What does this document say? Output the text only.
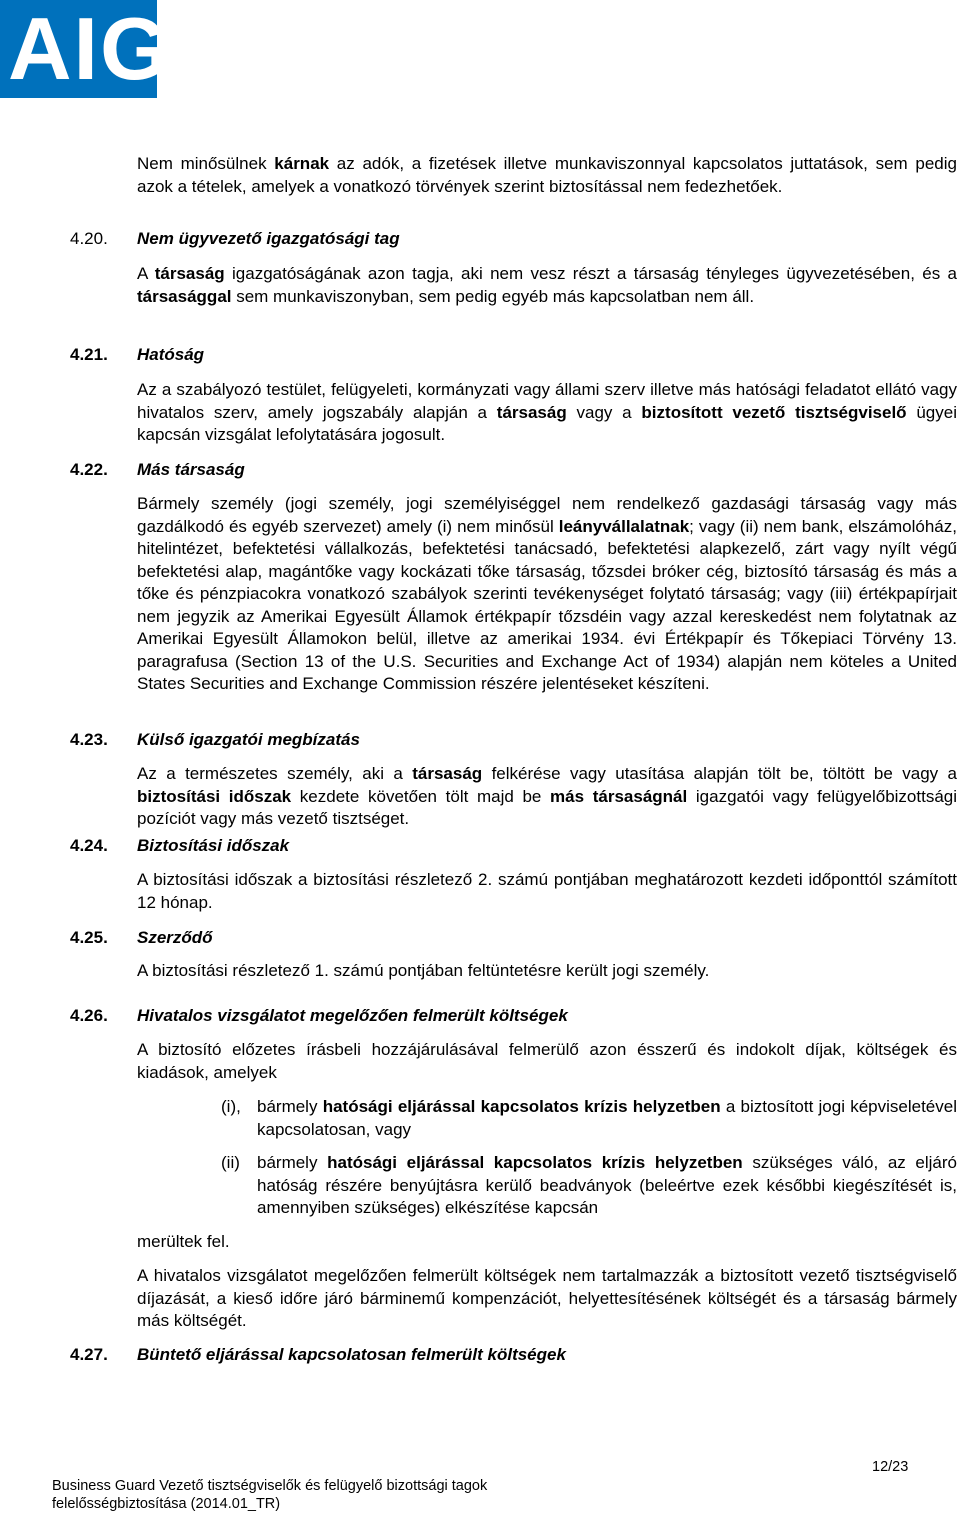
AIG
Nem minősülnek kárnak az adók, a fizetések illetve munkaviszonnyal kapcsolatos juttatások, sem pedig azok a tételek, amelyek a vonatkozó törvények szerint biztosítással nem fedezhetőek.
4.20. Nem ügyvezető igazgatósági tag
A társaság igazgatóságának azon tagja, aki nem vesz részt a társaság tényleges ügyvezetésében, és a társasággal sem munkaviszonyban, sem pedig egyéb más kapcsolatban nem áll.
4.21. Hatóság
Az a szabályozó testület, felügyeleti, kormányzati vagy állami szerv illetve más hatósági feladatot ellátó vagy hivatalos szerv, amely jogszabály alapján a társaság vagy a biztosított vezető tisztségviselő ügyei kapcsán vizsgálat lefolytatására jogosult.
4.22. Más társaság
Bármely személy (jogi személy, jogi személyiséggel nem rendelkező gazdasági társaság vagy más gazdálkodó és egyéb szervezet) amely (i) nem minősül leányvállalatnak; vagy (ii) nem bank, elszámolóház, hitelintézet, befektetési vállalkozás, befektetési tanácsadó, befektetési alapkezelő, zárt vagy nyílt végű befektetési alap, magántőke vagy kockázati tőke társaság, tőzsdei bróker cég, biztosító társaság és más a tőke és pénzpiacokra vonatkozó szabályok szerinti tevékenységet folytató társaság; vagy (iii) értékpapírjait nem jegyzik az Amerikai Egyesült Államok értékpapír tőzsdéin vagy azzal kereskedést nem folytatnak az Amerikai Egyesült Államokon belül, illetve az amerikai 1934. évi Értékpapír és Tőkepiaci Törvény 13. paragrafusa (Section 13 of the U.S. Securities and Exchange Act of 1934) alapján nem köteles a United States Securities and Exchange Commission részére jelentéseket készíteni.
4.23. Külső igazgatói megbízatás
Az a természetes személy, aki a társaság felkérése vagy utasítása alapján tölt be, töltött be vagy a biztosítási időszak kezdete követően tölt majd be más társaságnál igazgatói vagy felügyelőbizottsági pozíciót vagy más vezető tisztséget.
4.24. Biztosítási időszak
A biztosítási időszak a biztosítási részletező 2. számú pontjában meghatározott kezdeti időponttól számított 12 hónap.
4.25. Szerződő
A biztosítási részletező 1. számú pontjában feltüntetésre került jogi személy.
4.26. Hivatalos vizsgálatot megelőzően felmerült költségek
A biztosító előzetes írásbeli hozzájárulásával felmerülő azon ésszerű és indokolt díjak, költségek és kiadások, amelyek
(i), bármely hatósági eljárással kapcsolatos krízis helyzetben a biztosított jogi képviseletével kapcsolatosan, vagy
(ii) bármely hatósági eljárással kapcsolatos krízis helyzetben szükséges váló, az eljáró hatóság részére benyújtásra kerülő beadványok (beleértve ezek későbbi kiegészítését is, amennyiben szükséges) elkészítése kapcsán
merültek fel.
A hivatalos vizsgálatot megelőzően felmerült költségek nem tartalmazzák a biztosított vezető tisztségviselő díjazását, a kieső időre járó bárminemű kompenzációt, helyettesítésének költségét és a társaság bármely más költségét.
4.27. Büntető eljárással kapcsolatosan felmerült költségek
Business Guard Vezető tisztségviselők és felügyelő bizottsági tagok
felelősségbiztosítása (2014.01_TR)
12/23
